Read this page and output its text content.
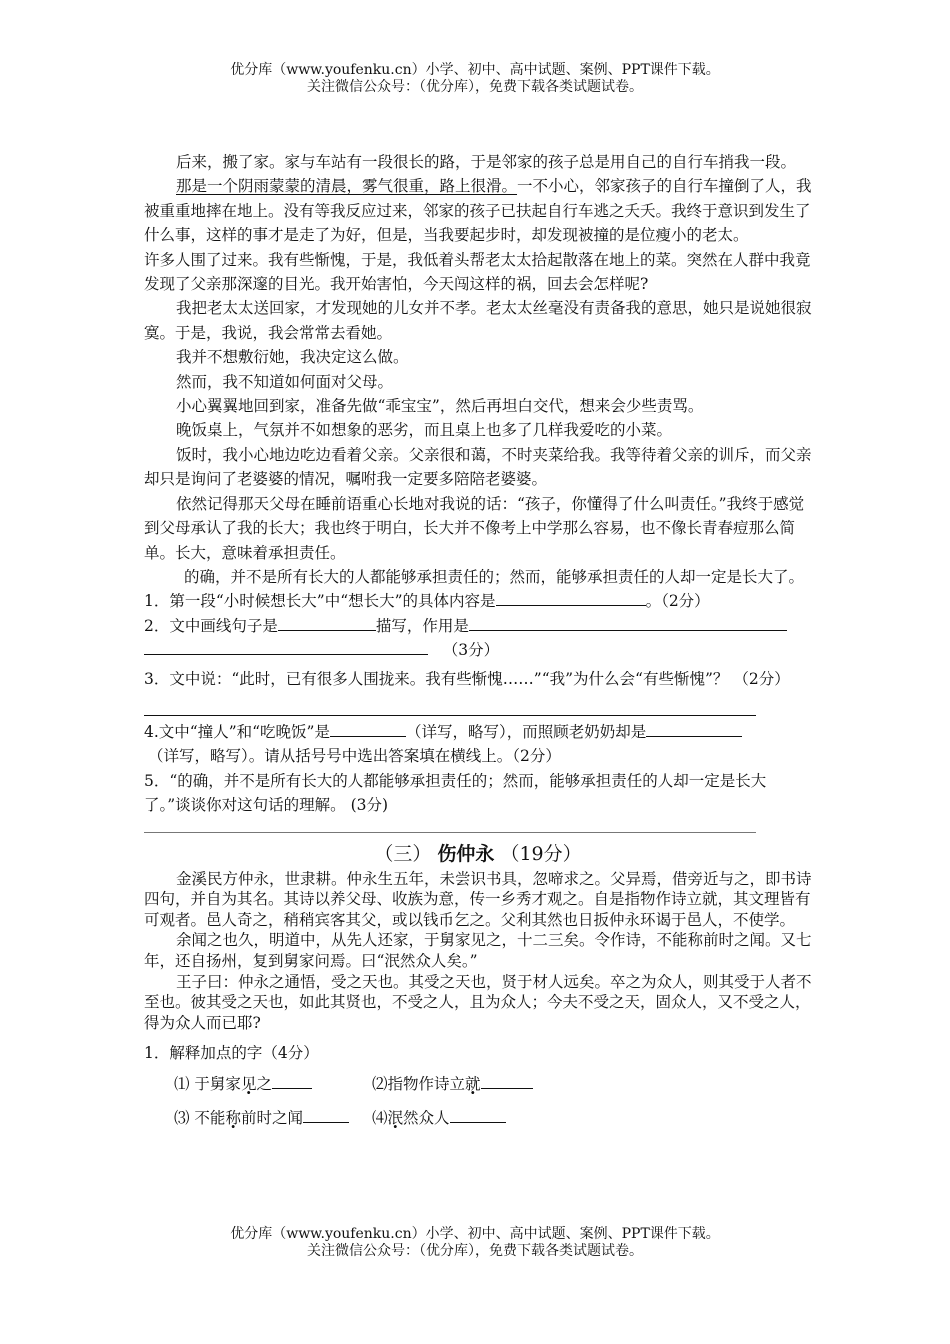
优分库（www.youfenku.cn）小学、初中、高中试题、案例、PPT课件下载。
关注微信公众号：（优分库），免费下载各类试题试卷。

后来，搬了家。家与车站有一段很长的路，于是邻家的孩子总是用自己的自行车捎我一段。

那是一个阴雨蒙蒙的清晨，雾气很重，路上很滑。一不小心，邻家孩子的自行车撞倒了人，我被重重地摔在地上。没有等我反应过来，邻家的孩子已扶起自行车逃之夭夭。我终于意识到发生了什么事，这样的事才是走了为好，但是，当我要起步时，却发现被撞的是位瘦小的老太。

许多人围了过来。我有些惭愧，于是，我低着头帮老太太拾起散落在地上的菜。突然在人群中我竟发现了父亲那深邃的目光。我开始害怕，今天闯这样的祸，回去会怎样呢?

我把老太太送回家，才发现她的儿女并不孝。老太太丝毫没有责备我的意思，她只是说她很寂寞。于是，我说，我会常常去看她。

我并不想敷衍她，我决定这么做。

然而，我不知道如何面对父母。

小心翼翼地回到家，准备先做“乖宝宝”，然后再坦白交代，想来会少些责骂。

晚饭桌上，气氛并不如想象的恶劣，而且桌上也多了几样我爱吃的小菜。

饭时，我小心地边吃边看着父亲。父亲很和蔼，不时夹菜给我。我等待着父亲的训斥，而父亲却只是询问了老婆婆的情况，嘱咐我一定要多陪陪老婆婆。

依然记得那天父母在睡前语重心长地对我说的话：“孩子，你懂得了什么叫责任。”我终于感觉到父母承认了我的长大；我也终于明白，长大并不像考上中学那么容易，也不像长青春痘那么简单。长大，意味着承担责任。

的确，并不是所有长大的人都能够承担责任的；然而，能够承担责任的人却一定是长大了。

1．第一段“小时候想长大”中“想长大”的具体内容是	。（2分）

2．文中画线句子是	描写，作用是

（3分）

3．文中说：“此时，已有很多人围拢来。我有些惭愧……”“我”为什么会“有些惭愧”？ （2分）

4.文中“撞人”和“吃晚饭”是	（详写，略写），而照顾老奶奶却是

（详写，略写）。请从括号号中选出答案填在横线上。（2分）

5．“的确，并不是所有长大的人都能够承担责任的；然而，能够承担责任的人却一定是长大了。”谈谈你对这句话的理解。 (3分)

（三） 伤仲永 （19分）

金溪民方仲永，世隶耕。仲永生五年，未尝识书具，忽啼求之。父异焉，借旁近与之，即书诗四句，并自为其名。其诗以养父母、收族为意，传一乡秀才观之。自是指物作诗立就，其文理皆有可观者。邑人奇之，稍稍宾客其父，或以钱币乞之。父利其然也日扳仲永环谒于邑人，不使学。

余闻之也久，明道中，从先人还家，于舅家见之，十二三矣。令作诗，不能称前时之闻。又七年，还自扬州，复到舅家问焉。曰“泯然众人矣。”

王子曰：仲永之通悟，受之天也。其受之天也，贤于材人远矣。卒之为众人，则其受于人者不至也。彼其受之天也，如此其贤也，不受之人，且为众人；今夫不受之天，固众人，又不受之人，得为众人而已耶?

1．解释加点的字（4分）

⑴ 于舅家见之	⑵指物作诗立就
⑶ 不能称前时之闻	⑷泯然众人
优分库（www.youfenku.cn）小学、初中、高中试题、案例、PPT课件下载。
关注微信公众号：（优分库），免费下载各类试题试卷。
